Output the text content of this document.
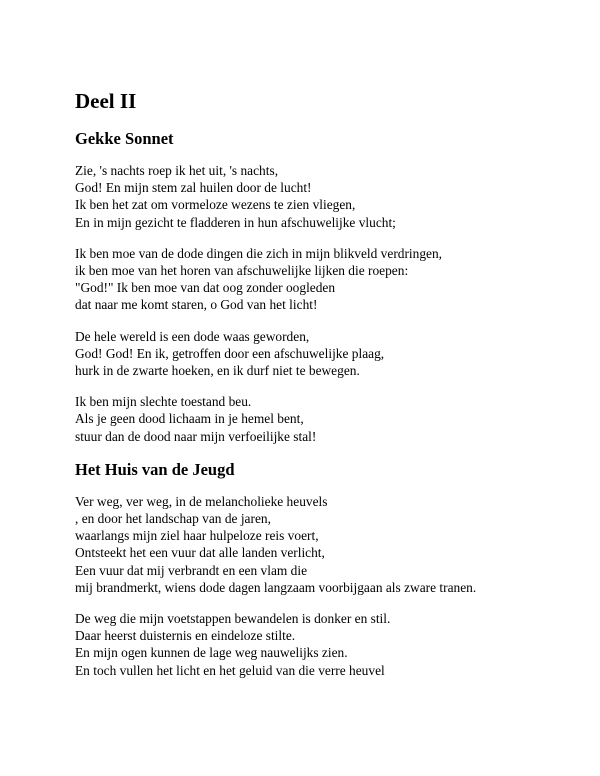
Deel II
Gekke Sonnet
Zie, 's nachts roep ik het uit, 's nachts,
God! En mijn stem zal huilen door de lucht!
Ik ben het zat om vormeloze wezens te zien vliegen,
En in mijn gezicht te fladderen in hun afschuwelijke vlucht;
Ik ben moe van de dode dingen die zich in mijn blikveld verdringen,
ik ben moe van het horen van afschuwelijke lijken die roepen:
"God!" Ik ben moe van dat oog zonder oogleden
dat naar me komt staren, o God van het licht!
De hele wereld is een dode waas geworden,
God! God! En ik, getroffen door een afschuwelijke plaag,
hurk in de zwarte hoeken, en ik durf niet te bewegen.
Ik ben mijn slechte toestand beu.
Als je geen dood lichaam in je hemel bent,
stuur dan de dood naar mijn verfoeilijke stal!
Het Huis van de Jeugd
Ver weg, ver weg, in de melancholieke heuvels
, en door het landschap van de jaren,
waarlangs mijn ziel haar hulpeloze reis voert,
Ontsteekt het een vuur dat alle landen verlicht,
Een vuur dat mij verbrandt en een vlam die
mij brandmerkt, wiens dode dagen langzaam voorbijgaan als zware tranen.
De weg die mijn voetstappen bewandelen is donker en stil.
Daar heerst duisternis en eindeloze stilte.
En mijn ogen kunnen de lage weg nauwelijks zien.
En toch vullen het licht en het geluid van die verre heuvel
